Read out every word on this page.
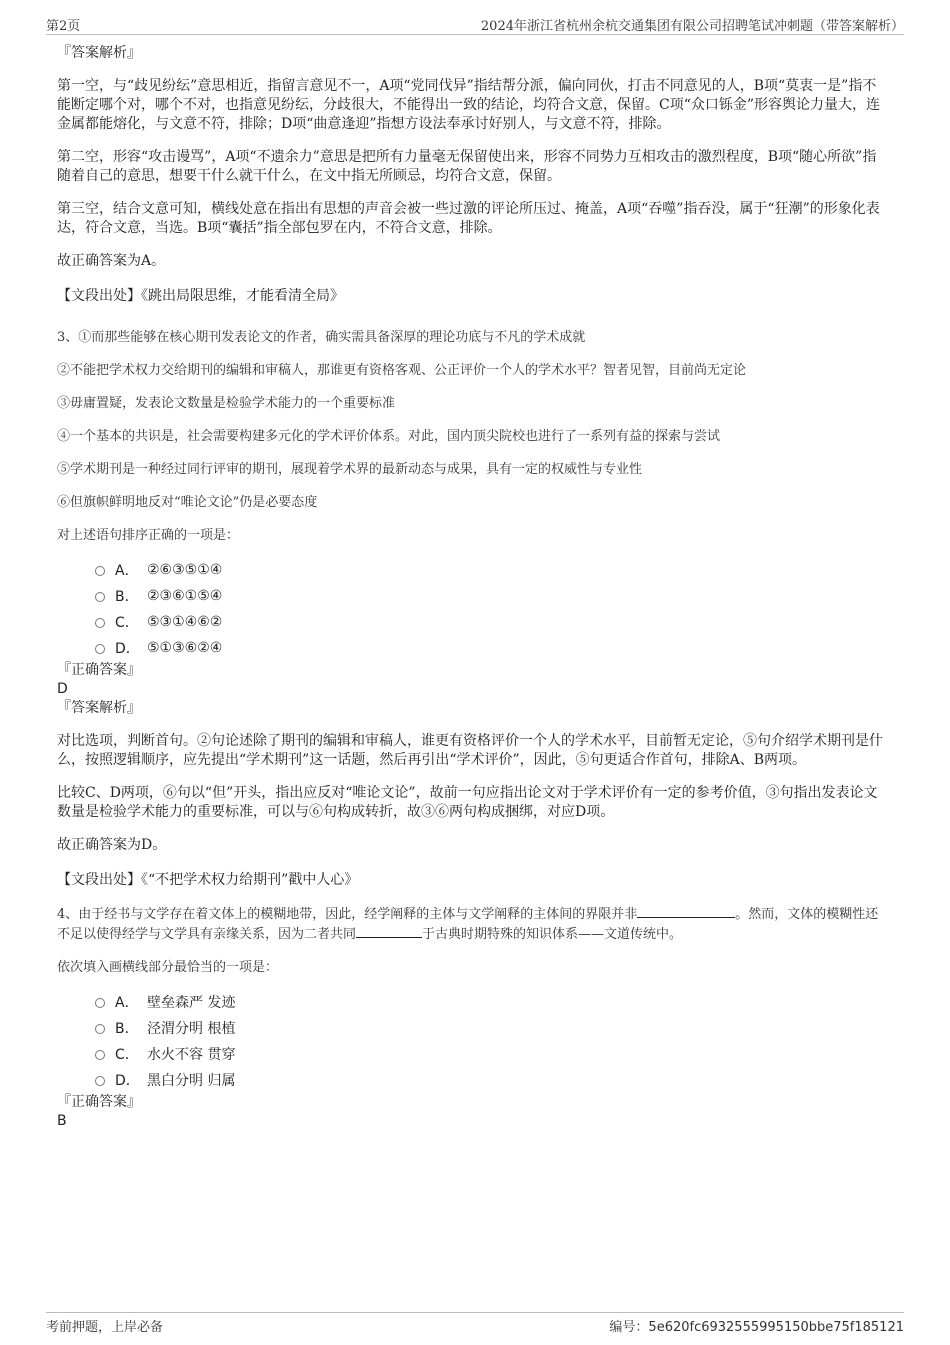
第2页	2024年浙江省杭州余杭交通集团有限公司招聘笔试冲刺题（带答案解析）
『答案解析』

第一空，与“歧见纷纭”意思相近，指留言意见不一，A项“党同伐异”指结帮分派，偏向同伙，打击不同意见的人，B项“莫衷一是”指不能断定哪个对，哪个不对，也指意见纷纭，分歧很大，不能得出一致的结论，均符合文意，保留。C项“众口铄金”形容舆论力量大，连金属都能熔化，与文意不符，排除；D项“曲意逢迎”指想方设法奉承讨好别人，与文意不符，排除。

第二空，形容“攻击谩骂”，A项“不遗余力”意思是把所有力量毫无保留使出来，形容不同势力互相攻击的激烈程度，B项“随心所欲”指随着自己的意思，想要干什么就干什么，在文中指无所顾忌，均符合文意，保留。

第三空，结合文意可知，横线处意在指出有思想的声音会被一些过激的评论所压过、掩盖，A项“吞噬”指吞没，属于“狂潮”的形象化表达，符合文意，当选。B项“囊括”指全部包罗在内，不符合文意，排除。

故正确答案为A。

【文段出处】《跳出局限思维，才能看清全局》

3、①而那些能够在核心期刊发表论文的作者，确实需具备深厚的理论功底与不凡的学术成就

②不能把学术权力交给期刊的编辑和审稿人，那谁更有资格客观、公正评价一个人的学术水平？智者见智，目前尚无定论

③毋庸置疑，发表论文数量是检验学术能力的一个重要标准

④一个基本的共识是，社会需要构建多元化的学术评价体系。对此，国内顶尖院校也进行了一系列有益的探索与尝试

⑤学术期刊是一种经过同行评审的期刊，展现着学术界的最新动态与成果，具有一定的权威性与专业性

⑥但旗帜鲜明地反对“唯论文论”仍是必要态度

对上述语句排序正确的一项是：

A． ②⑥③⑤①④
B． ②③⑥①⑤④
C． ⑤③①④⑥②
D． ⑤①③⑥②④
『正确答案』
D
『答案解析』

对比选项，判断首句。②句论述除了期刊的编辑和审稿人，谁更有资格评价一个人的学术水平，目前暂无定论，⑤句介绍学术期刊是什么，按照逻辑顺序，应先提出“学术期刊”这一话题，然后再引出“学术评价”，因此，⑤句更适合作首句，排除A、B两项。

比较C、D两项，⑥句以“但”开头，指出应反对“唯论文论”，故前一句应指出论文对于学术评价有一定的参考价值，③句指出发表论文数量是检验学术能力的重要标准，可以与⑥句构成转折，故③⑥两句构成捆绑，对应D项。

故正确答案为D。

【文段出处】《“不把学术权力给期刊”戳中人心》

4、由于经书与文学存在着文体上的模糊地带，因此，经学阐释的主体与文学阐释的主体间的界限并非	。然而，文体的模糊性还不足以使得经学与文学具有亲缘关系，因为二者共同	于古典时期特殊的知识体系——文道传统中。

依次填入画横线部分最恰当的一项是：

A． 壁垒森严 发迹
B． 泾渭分明 根植
C． 水火不容 贯穿
D． 黑白分明 归属
『正确答案』
B
考前押题，上岸必备	编号：5e620fc6932555995150bbe75f185121
